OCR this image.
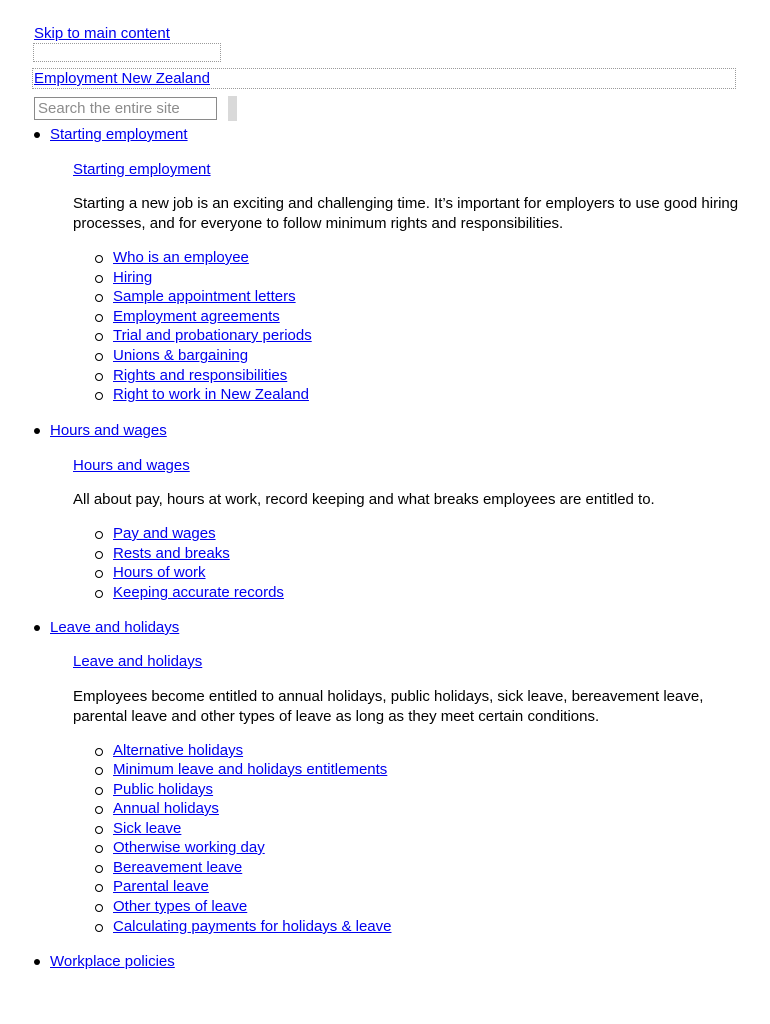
Skip to main content
Employment New Zealand
Search the entire site
Starting employment
Starting employment

Starting a new job is an exciting and challenging time. It’s important for employers to use good hiring processes, and for everyone to follow minimum rights and responsibilities.

Who is an employee
Hiring
Sample appointment letters
Employment agreements
Trial and probationary periods
Unions & bargaining
Rights and responsibilities
Right to work in New Zealand
Hours and wages
Hours and wages

All about pay, hours at work, record keeping and what breaks employees are entitled to.

Pay and wages
Rests and breaks
Hours of work
Keeping accurate records
Leave and holidays
Leave and holidays

Employees become entitled to annual holidays, public holidays, sick leave, bereavement leave, parental leave and other types of leave as long as they meet certain conditions.

Alternative holidays
Minimum leave and holidays entitlements
Public holidays
Annual holidays
Sick leave
Otherwise working day
Bereavement leave
Parental leave
Other types of leave
Calculating payments for holidays & leave
Workplace policies
